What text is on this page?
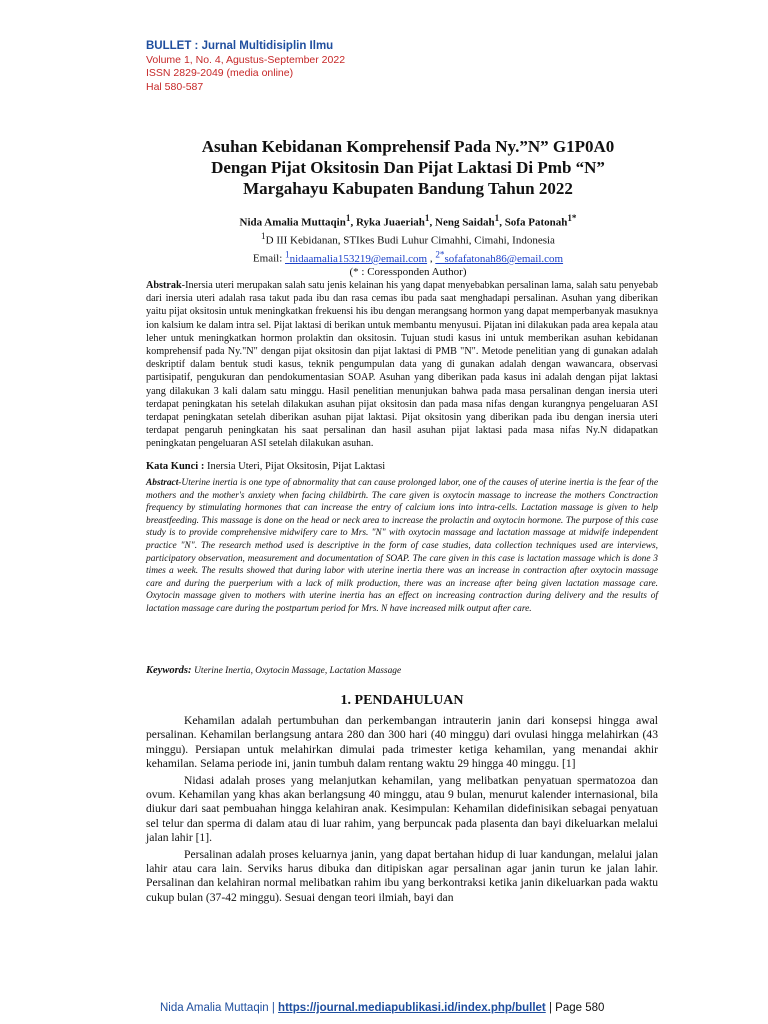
BULLET : Jurnal Multidisiplin Ilmu
Volume 1, No. 4, Agustus-September 2022
ISSN 2829-2049 (media online)
Hal 580-587
Asuhan Kebidanan Komprehensif Pada Ny.”N” G1P0A0
Dengan Pijat Oksitosin Dan Pijat Laktasi Di Pmb “N”
Margahayu Kabupaten Bandung Tahun 2022
Nida Amalia Muttaqin$^1$, Ryka Juaeriah$^1$, Neng Saidah$^1$, Sofa Patonah$^{1*}$
$^1$D III Kebidanan, STIkes Budi Luhur Cimahhi, Cimahi, Indonesia
Email: $^1$nidaamalia153219@email.com , $^{2*}$sofafatonah86@email.com
(* : Coressponden Author)
Abstrak-Inersia uteri merupakan salah satu jenis kelainan his yang dapat menyebabkan persalinan lama, salah satu penyebab dari inersia uteri adalah rasa takut pada ibu dan rasa cemas ibu pada saat menghadapi persalinan. Asuhan yang diberikan yaitu pijat oksitosin untuk meningkatkan frekuensi his ibu dengan merangsang hormon yang dapat memperbanyak masuknya ion kalsium ke dalam intra sel. Pijat laktasi di berikan untuk membantu menyusui. Pijatan ini dilakukan pada area kepala atau leher untuk meningkatkan hormon prolaktin dan oksitosin. Tujuan studi kasus ini untuk memberikan asuhan kebidanan komprehensif pada Ny."N" dengan pijat oksitosin dan pijat laktasi di PMB "N". Metode penelitian yang di gunakan adalah deskriptif dalam bentuk studi kasus, teknik pengumpulan data yang di gunakan adalah dengan wawancara, observasi partisipatif, pengukuran dan pendokumentasian SOAP. Asuhan yang diberikan pada kasus ini adalah dengan pijat laktasi yang dilakukan 3 kali dalam satu minggu. Hasil penelitian menunjukan bahwa pada masa persalinan dengan inersia uteri terdapat peningkatan his setelah dilakukan asuhan pijat oksitosin dan pada masa nifas dengan kurangnya pengeluaran ASI terdapat peningkatan setelah diberikan asuhan pijat laktasi. Pijat oksitosin yang diberikan pada ibu dengan inersia uteri terdapat pengaruh peningkatan his saat persalinan dan hasil asuhan pijat laktasi pada masa nifas Ny.N didapatkan peningkatan pengeluaran ASI setelah dilakukan asuhan.
Kata Kunci : Inersia Uteri, Pijat Oksitosin, Pijat Laktasi
Abstract-Uterine inertia is one type of abnormality that can cause prolonged labor, one of the causes of uterine inertia is the fear of the mothers and the mother's anxiety when facing childbirth. The care given is oxytocin massage to increase the mothers Conctraction frequency by stimulating hormones that can increase the entry of calcium ions into intra-cells. Lactation massage is given to help breastfeeding. This massage is done on the head or neck area to increase the prolactin and oxytocin hormone. The purpose of this case study is to provide comprehensive midwifery care to Mrs. "N" with oxytocin massage and lactation massage at midwife independent practice "N". The research method used is descriptive in the form of case studies, data collection techniques used are interviews, participatory observation, measurement and documentation of SOAP. The care given in this case is lactation massage which is done 3 times a week. The results showed that during labor with uterine inertia there was an increase in contraction after oxytocin massage care and during the puerperium with a lack of milk production, there was an increase after being given lactation massage care. Oxytocin massage given to mothers with uterine inertia has an effect on increasing contraction during delivery and the results of lactation massage care during the postpartum period for Mrs. N have increased milk output after care.
Keywords: Uterine Inertia, Oxytocin Massage, Lactation Massage
1. PENDAHULUAN

Kehamilan adalah pertumbuhan dan perkembangan intrauterin janin dari konsepsi hingga awal persalinan. Kehamilan berlangsung antara 280 dan 300 hari (40 minggu) dari ovulasi hingga melahirkan (43 minggu). Persiapan untuk melahirkan dimulai pada trimester ketiga kehamilan, yang menandai akhir kehamilan. Selama periode ini, janin tumbuh dalam rentang waktu 29 hingga 40 minggu. [1]

Nidasi adalah proses yang melanjutkan kehamilan, yang melibatkan penyatuan spermatozoa dan ovum. Kehamilan yang khas akan berlangsung 40 minggu, atau 9 bulan, menurut kalender internasional, bila diukur dari saat pembuahan hingga kelahiran anak. Kesimpulan: Kehamilan didefinisikan sebagai penyatuan sel telur dan sperma di dalam atau di luar rahim, yang berpuncak pada plasenta dan bayi dikeluarkan melalui jalan lahir [1].

Persalinan adalah proses keluarnya janin, yang dapat bertahan hidup di luar kandungan, melalui jalan lahir atau cara lain. Serviks harus dibuka dan ditipiskan agar persalinan agar janin turun ke jalan lahir. Persalinan dan kelahiran normal melibatkan rahim ibu yang berkontraksi ketika janin dikeluarkan pada waktu cukup bulan (37-42 minggu). Sesuai dengan teori ilmiah, bayi dan

Nida Amalia Muttaqin | https://journal.mediapublikasi.id/index.php/bullet | Page 580
